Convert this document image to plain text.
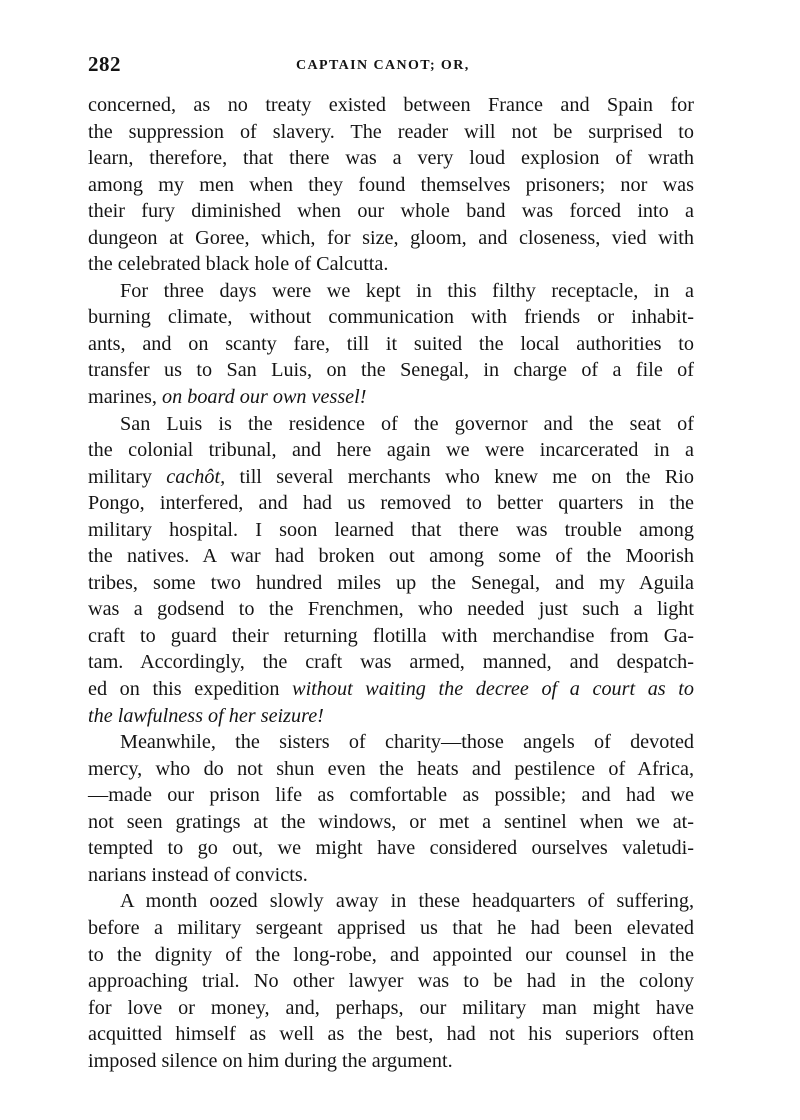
282	CAPTAIN CANOT; OR,
concerned, as no treaty existed between France and Spain for
the suppression of slavery. The reader will not be surprised to
learn, therefore, that there was a very loud explosion of wrath
among my men when they found themselves prisoners; nor was
their fury diminished when our whole band was forced into a
dungeon at Goree, which, for size, gloom, and closeness, vied with
the celebrated black hole of Calcutta.
For three days were we kept in this filthy receptacle, in a
burning climate, without communication with friends or inhabit-
ants, and on scanty fare, till it suited the local authorities to
transfer us to San Luis, on the Senegal, in charge of a file of
marines, on board our own vessel!
San Luis is the residence of the governor and the seat of
the colonial tribunal, and here again we were incarcerated in a
military cachôt, till several merchants who knew me on the Rio
Pongo, interfered, and had us removed to better quarters in the
military hospital. I soon learned that there was trouble among
the natives. A war had broken out among some of the Moorish
tribes, some two hundred miles up the Senegal, and my Aguila
was a godsend to the Frenchmen, who needed just such a light
craft to guard their returning flotilla with merchandise from Ga-
tam. Accordingly, the craft was armed, manned, and despatch-
ed on this expedition without waiting the decree of a court as to
the lawfulness of her seizure!
Meanwhile, the sisters of charity—those angels of devoted
mercy, who do not shun even the heats and pestilence of Africa,
—made our prison life as comfortable as possible; and had we
not seen gratings at the windows, or met a sentinel when we at-
tempted to go out, we might have considered ourselves valetudi-
narians instead of convicts.
A month oozed slowly away in these headquarters of suffering,
before a military sergeant apprised us that he had been elevated
to the dignity of the long-robe, and appointed our counsel in the
approaching trial. No other lawyer was to be had in the colony
for love or money, and, perhaps, our military man might have
acquitted himself as well as the best, had not his superiors often
imposed silence on him during the argument.
